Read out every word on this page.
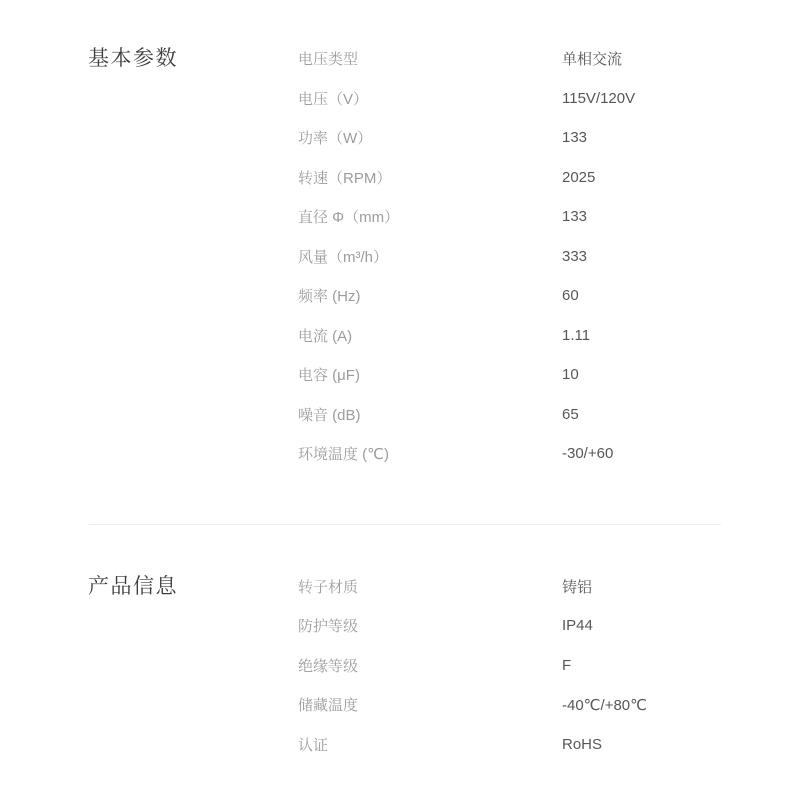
基本参数	电压类型	单相交流
电压（V）	115V/120V
功率（W）	133
转速（RPM）	2025
直径 Φ（mm）	133
风量（m³/h）	333
频率 (Hz)	60
电流 (A)	1.11
电容 (μF)	10
噪音 (dB)	65
环境温度 (℃)	-30/+60
产品信息	转子材质	铸铝
防护等级	IP44
绝缘等级	F
储藏温度	-40℃/+80℃
认证	RoHS
